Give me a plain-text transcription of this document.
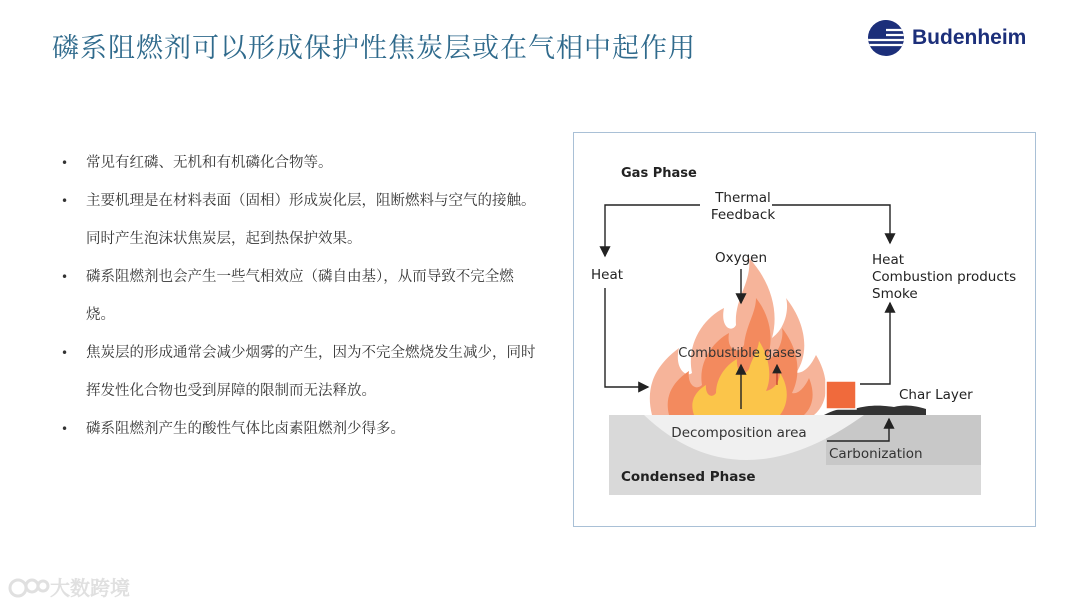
磷系阻燃剂可以形成保护性焦炭层或在气相中起作用	Budenheim
• 常见有红磷、无机和有机磷化合物等。
• 主要机理是在材料表面（固相）形成炭化层，阻断燃料与空气的接触。同时产生泡沫状焦炭层，起到热保护效果。
• 磷系阻燃剂也会产生一些气相效应（磷自由基），从而导致不完全燃烧。
• 焦炭层的形成通常会减少烟雾的产生，因为不完全燃烧发生减少，同时挥发性化合物也受到屏障的限制而无法释放。
• 磷系阻燃剂产生的酸性气体比卤素阻燃剂少得多。
Gas Phase
Thermal
Feedback
Heat
Oxygen	Heat
Combustion products
Smoke
Combustible gases
Char Layer
Decomposition area
Carbonization
Condensed Phase
大数跨境
